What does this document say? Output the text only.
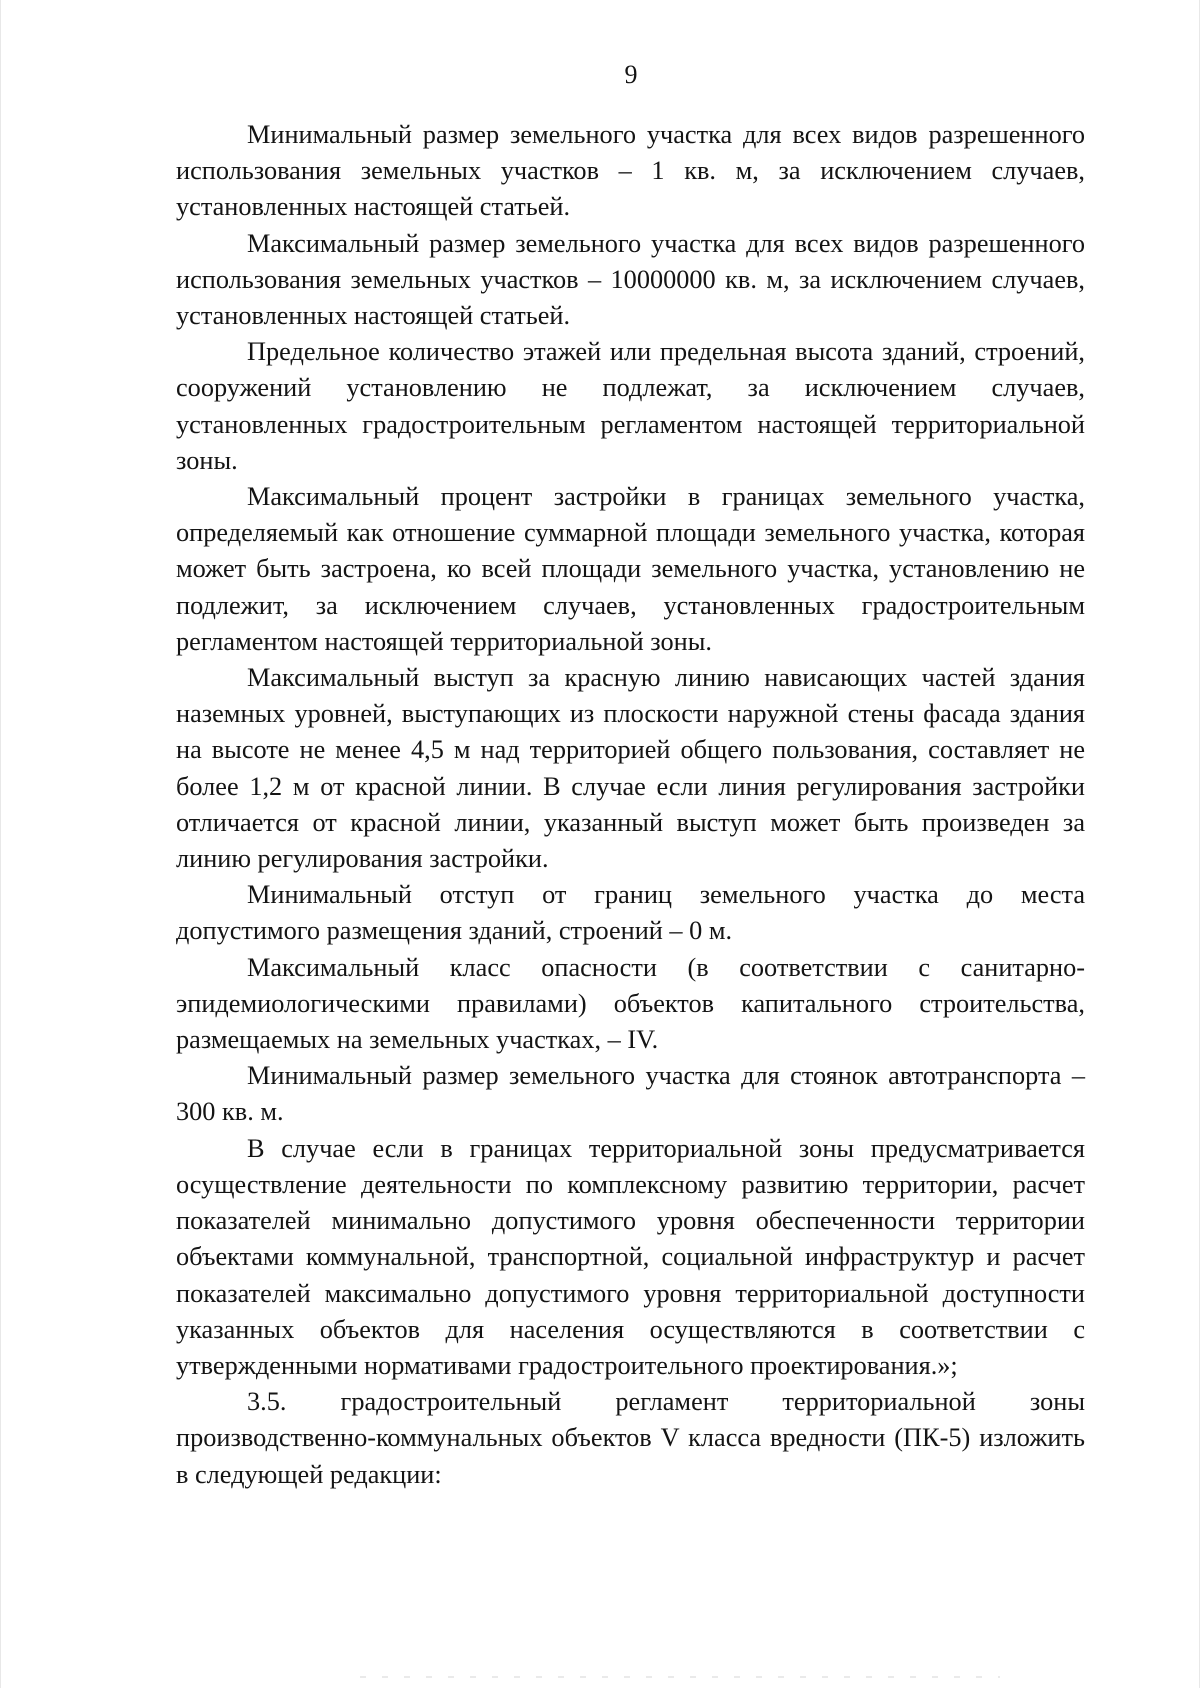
9

Минимальный размер земельного участка для всех видов разрешенного использования земельных участков – 1 кв. м, за исключением случаев, установленных настоящей статьей.

Максимальный размер земельного участка для всех видов разрешенного использования земельных участков – 10000000 кв. м, за исключением случаев, установленных настоящей статьей.

Предельное количество этажей или предельная высота зданий, строений, сооружений установлению не подлежат, за исключением случаев, установленных градостроительным регламентом настоящей территориальной зоны.

Максимальный процент застройки в границах земельного участка, определяемый как отношение суммарной площади земельного участка, которая может быть застроена, ко всей площади земельного участка, установлению не подлежит, за исключением случаев, установленных градостроительным регламентом настоящей территориальной зоны.

Максимальный выступ за красную линию нависающих частей здания наземных уровней, выступающих из плоскости наружной стены фасада здания на высоте не менее 4,5 м над территорией общего пользования, составляет не более 1,2 м от красной линии. В случае если линия регулирования застройки отличается от красной линии, указанный выступ может быть произведен за линию регулирования застройки.

Минимальный отступ от границ земельного участка до места допустимого размещения зданий, строений – 0 м.

Максимальный класс опасности (в соответствии с санитарно-эпидемиологическими правилами) объектов капитального строительства, размещаемых на земельных участках, – IV.

Минимальный размер земельного участка для стоянок автотранспорта – 300 кв. м.

В случае если в границах территориальной зоны предусматривается осуществление деятельности по комплексному развитию территории, расчет показателей минимально допустимого уровня обеспеченности территории объектами коммунальной, транспортной, социальной инфраструктур и расчет показателей максимально допустимого уровня территориальной доступности указанных объектов для населения осуществляются в соответствии с утвержденными нормативами градостроительного проектирования.»;

3.5. градостроительный регламент территориальной зоны производственно-коммунальных объектов V класса вредности (ПК-5) изложить в следующей редакции:
